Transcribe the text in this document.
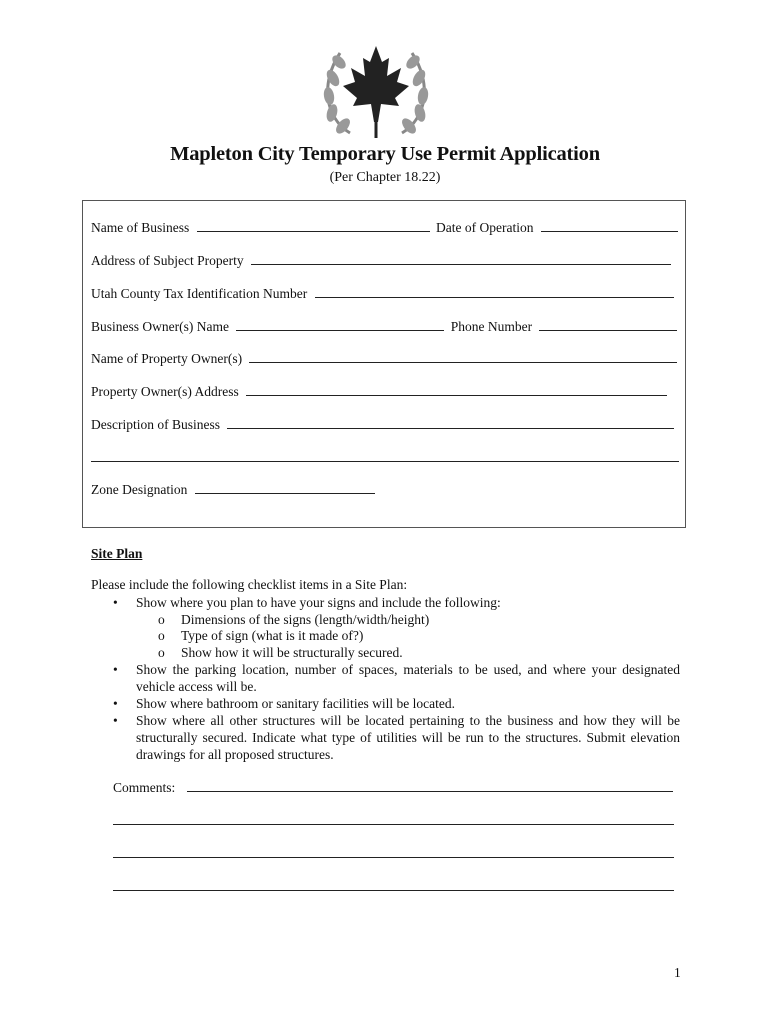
Mapleton City Temporary Use Permit Application
(Per Chapter 18.22)
Name of Business	Date of Operation
Address of Subject Property
Utah County Tax Identification Number
Business Owner(s) Name	Phone Number
Name of Property Owner(s)
Property Owner(s) Address
Description of Business
Zone Designation
Site Plan
Please include the following checklist items in a Site Plan:
• Show where you plan to have your signs and include the following:
o Dimensions of the signs (length/width/height)
o Type of sign (what is it made of?)
o Show how it will be structurally secured.
• Show the parking location, number of spaces, materials to be used, and where your designated vehicle access will be.
• Show where bathroom or sanitary facilities will be located.
• Show where all other structures will be located pertaining to the business and how they will be structurally secured. Indicate what type of utilities will be run to the structures. Submit elevation drawings for all proposed structures.
Comments:
1
